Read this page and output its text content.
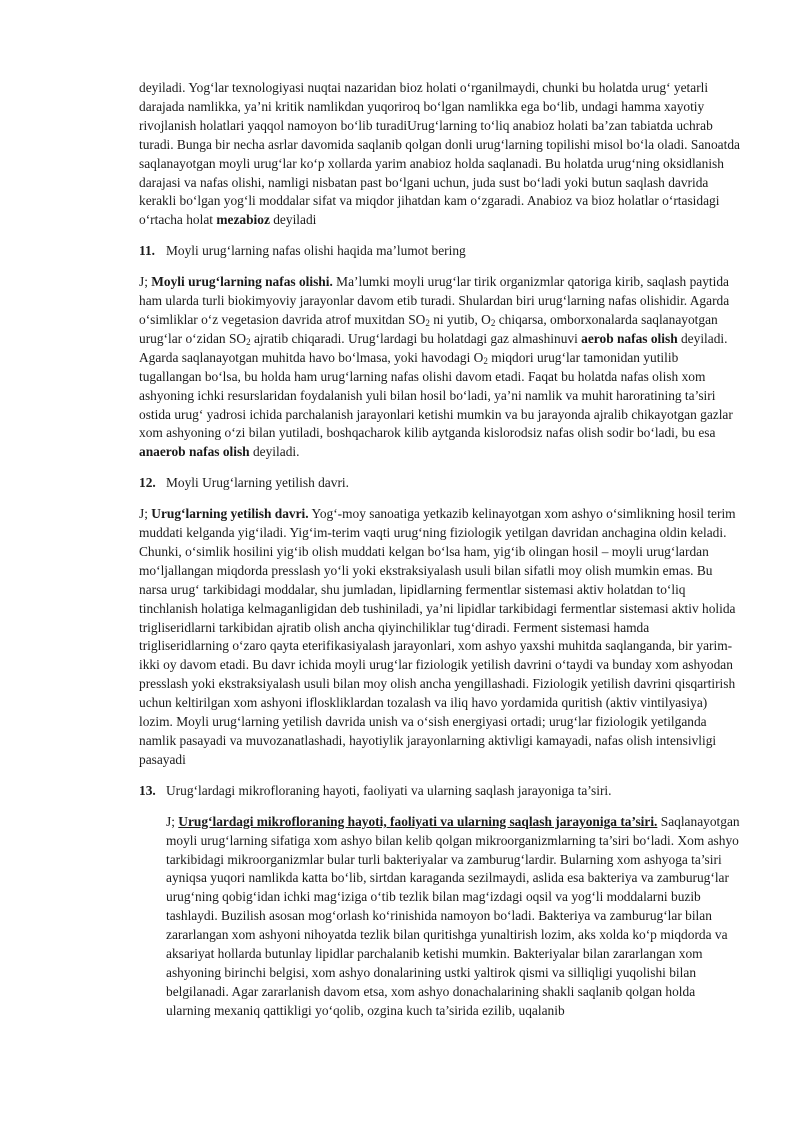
deyiladi. Yog‘lar texnologiyasi nuqtai nazaridan bioz holati o‘rganilmaydi, chunki bu holatda urug‘ yetarli darajada namlikka, ya’ni kritik namlikdan yuqoriroq bo‘lgan namlikka ega bo‘lib, undagi hamma xayotiy rivojlanish holatlari yaqqol namoyon bo‘lib turadiUrug‘larning to‘liq anabioz holati ba’zan tabiatda uchrab turadi. Bunga bir necha asrlar davomida saqlanib qolgan donli urug‘larning topilishi misol bo‘la oladi. Sanoatda saqlanayotgan moyli urug‘lar ko‘p xollarda yarim anabioz holda saqlanadi. Bu holatda urug‘ning oksidlanish darajasi va nafas olishi, namligi nisbatan past bo‘lgani uchun, juda sust bo‘ladi yoki butun saqlash davrida kerakli bo‘lgan yog‘li moddalar sifat va miqdor jihatdan kam o‘zgaradi. Anabioz va bioz holatlar o‘rtasidagi o‘rtacha holat mezabioz deyiladi

11. Moyli urug‘larning nafas olishi haqida ma’lumot bering

J; Moyli urug‘larning nafas olishi. Ma’lumki moyli urug‘lar tirik organizmlar qatoriga kirib, saqlash paytida ham ularda turli biokimyoviy jarayonlar davom etib turadi. Shulardan biri urug‘larning nafas olishidir. Agarda o‘simliklar o‘z vegetasion davrida atrof muxitdan $SO_2$ ni yutib, $O_2$ chiqarsa, omborxonalarda saqlanayotgan urug‘lar o‘zidan $SO_2$ ajratib chiqaradi. Urug‘lardagi bu holatdagi gaz almashinuvi aerob nafas olish deyiladi. Agarda saqlanayotgan muhitda havo bo‘lmasa, yoki havodagi $O_2$ miqdori urug‘lar tamonidan yutilib tugallangan bo‘lsa, bu holda ham urug‘larning nafas olishi davom etadi. Faqat bu holatda nafas olish xom ashyoning ichki resurslaridan foydalanish yuli bilan hosil bo‘ladi, ya’ni namlik va muhit haroratining ta’siri ostida urug‘ yadrosi ichida parchalanish jarayonlari ketishi mumkin va bu jarayonda ajralib chikayotgan gazlar xom ashyoning o‘zi bilan yutiladi, boshqacharok kilib aytganda kislorodsiz nafas olish sodir bo‘ladi, bu esa anaerob nafas olish deyiladi.

12. Moyli Urug‘larning yetilish davri.

J; Urug‘larning yetilish davri. Yog‘-moy sanoatiga yetkazib kelinayotgan xom ashyo o‘simlikning hosil terim muddati kelganda yig‘iladi. Yig‘im-terim vaqti urug‘ning fiziologik yetilgan davridan anchagina oldin keladi. Chunki, o‘simlik hosilini yig‘ib olish muddati kelgan bo‘lsa ham, yig‘ib olingan hosil – moyli urug‘lardan mo‘ljallangan miqdorda presslash yo‘li yoki ekstraksiyalash usuli bilan sifatli moy olish mumkin emas. Bu narsa urug‘ tarkibidagi moddalar, shu jumladan, lipidlarning fermentlar sistemasi aktiv holatdan to‘liq tinchlanish holatiga kelmaganligidan deb tushiniladi, ya’ni lipidlar tarkibidagi fermentlar sistemasi aktiv holida trigliseridlarni tarkibidan ajratib olish ancha qiyinchiliklar tug‘diradi. Ferment sistemasi hamda trigliseridlarning o‘zaro qayta eterifikasiyalash jarayonlari, xom ashyo yaxshi muhitda saqlanganda, bir yarim-ikki oy davom etadi. Bu davr ichida moyli urug‘lar fiziologik yetilish davrini o‘taydi va bunday xom ashyodan presslash yoki ekstraksiyalash usuli bilan moy olish ancha yengillashadi. Fiziologik yetilish davrini qisqartirish uchun keltirilgan xom ashyoni ifloskliklardan tozalash va iliq havo yordamida quritish (aktiv vintilyasiya) lozim. Moyli urug‘larning yetilish davrida unish va o‘sish energiyasi ortadi; urug‘lar fiziologik yetilganda namlik pasayadi va muvozanatlashadi, hayotiylik jarayonlarning aktivligi kamayadi, nafas olish intensivligi pasayadi

13. Urug‘lardagi mikrofloraning hayoti, faoliyati va ularning saqlash jarayoniga ta’siri.

J; Urug‘lardagi mikrofloraning hayoti, faoliyati va ularning saqlash jarayoniga ta’siri. Saqlanayotgan moyli urug‘larning sifatiga xom ashyo bilan kelib qolgan mikroorganizmlarning ta’siri bo‘ladi. Xom ashyo tarkibidagi mikroorganizmlar bular turli bakteriyalar va zamburug‘lardir. Bularning xom ashyoga ta’siri ayniqsa yuqori namlikda katta bo‘lib, sirtdan karaganda sezilmaydi, aslida esa bakteriya va zamburug‘lar urug‘ning qobig‘idan ichki mag‘iziga o‘tib tezlik bilan mag‘izdagi oqsil va yog‘li moddalarni buzib tashlaydi. Buzilish asosan mog‘orlash ko‘rinishida namoyon bo‘ladi. Bakteriya va zamburug‘lar bilan zararlangan xom ashyoni nihoyatda tezlik bilan quritishga yunaltirish lozim, aks xolda ko‘p miqdorda va aksariyat hollarda butunlay lipidlar parchalanib ketishi mumkin. Bakteriyalar bilan zararlangan xom ashyoning birinchi belgisi, xom ashyo donalarining ustki yaltirok qismi va silliqligi yuqolishi bilan belgilanadi. Agar zararlanish davom etsa, xom ashyo donachalarining shakli saqlanib qolgan holda ularning mexaniq qattikligi yo‘qolib, ozgina kuch ta’sirida ezilib, uqalanib
